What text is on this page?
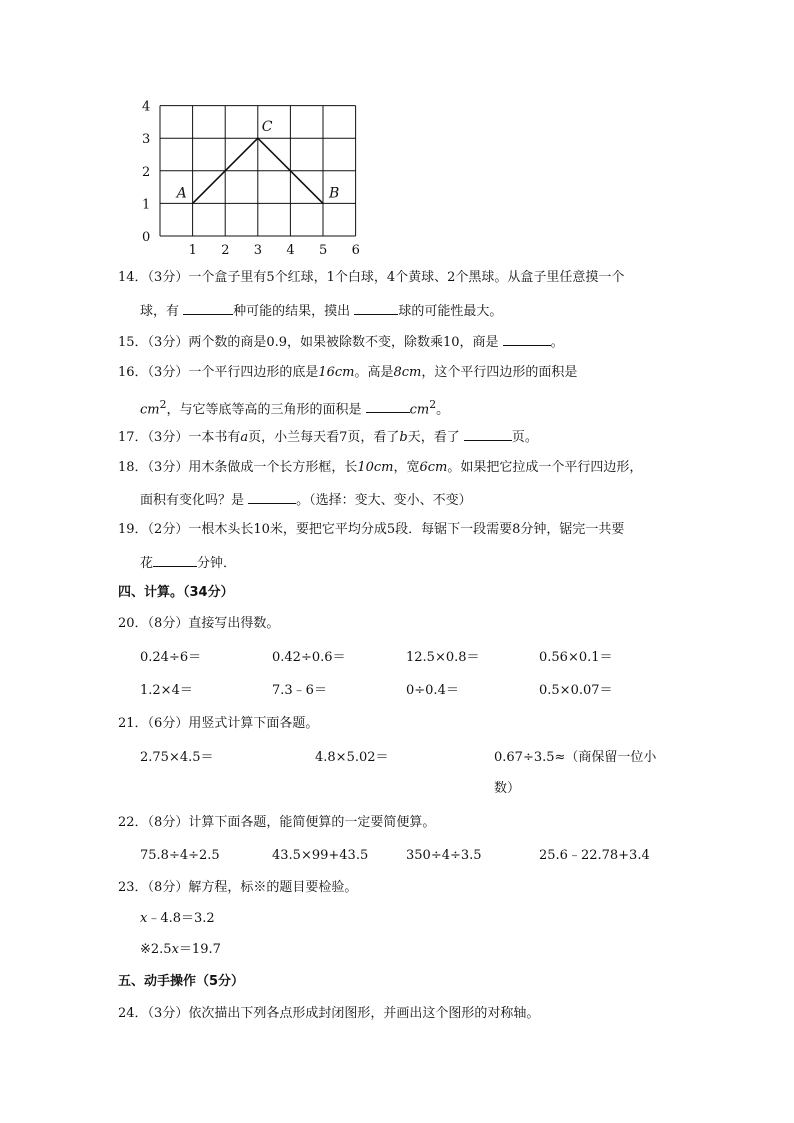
0
1
2
3
4
1 2 3 4 5 6
A
C
B
14．（3分）一个盒子里有5个红球，1个白球，4个黄球、2个黑球。从盒子里任意摸一个
球，有	种可能的结果，摸出	球的可能性最大。
15．（3分）两个数的商是0.9，如果被除数不变，除数乘10，商是	。
16．（3分）一个平行四边形的底是16cm。高是8cm，这个平行四边形的面积是
$cm^2$，与它等底等高的三角形的面积是	$cm^2$。
17．（3分）一本书有a页，小兰每天看7页，看了b天，看了	页。
18．（3分）用木条做成一个长方形框，长10cm，宽6cm。如果把它拉成一个平行四边形，
面积有变化吗？是	。（选择：变大、变小、不变）
19．（2分）一根木头长10米，要把它平均分成5段．每锯下一段需要8分钟，锯完一共要
花	分钟．
四、计算。（34分）
20．（8分）直接写出得数。
0.24÷6＝	0.42÷0.6＝	12.5×0.8＝	0.56×0.1＝
1.2×4＝	7.3﹣6＝	0÷0.4＝	0.5×0.07＝
21．（6分）用竖式计算下面各题。
2.75×4.5＝	4.8×5.02＝	0.67÷3.5≈（商保留一位小
数）
22．（8分）计算下面各题，能简便算的一定要简便算。
75.8÷4÷2.5	43.5×99+43.5	350÷4÷3.5	25.6﹣22.78+3.4
23．（8分）解方程，标※的题目要检验。
x﹣4.8＝3.2
※2.5x＝19.7
五、动手操作（5分）
24．（3分）依次描出下列各点形成封闭图形，并画出这个图形的对称轴。
